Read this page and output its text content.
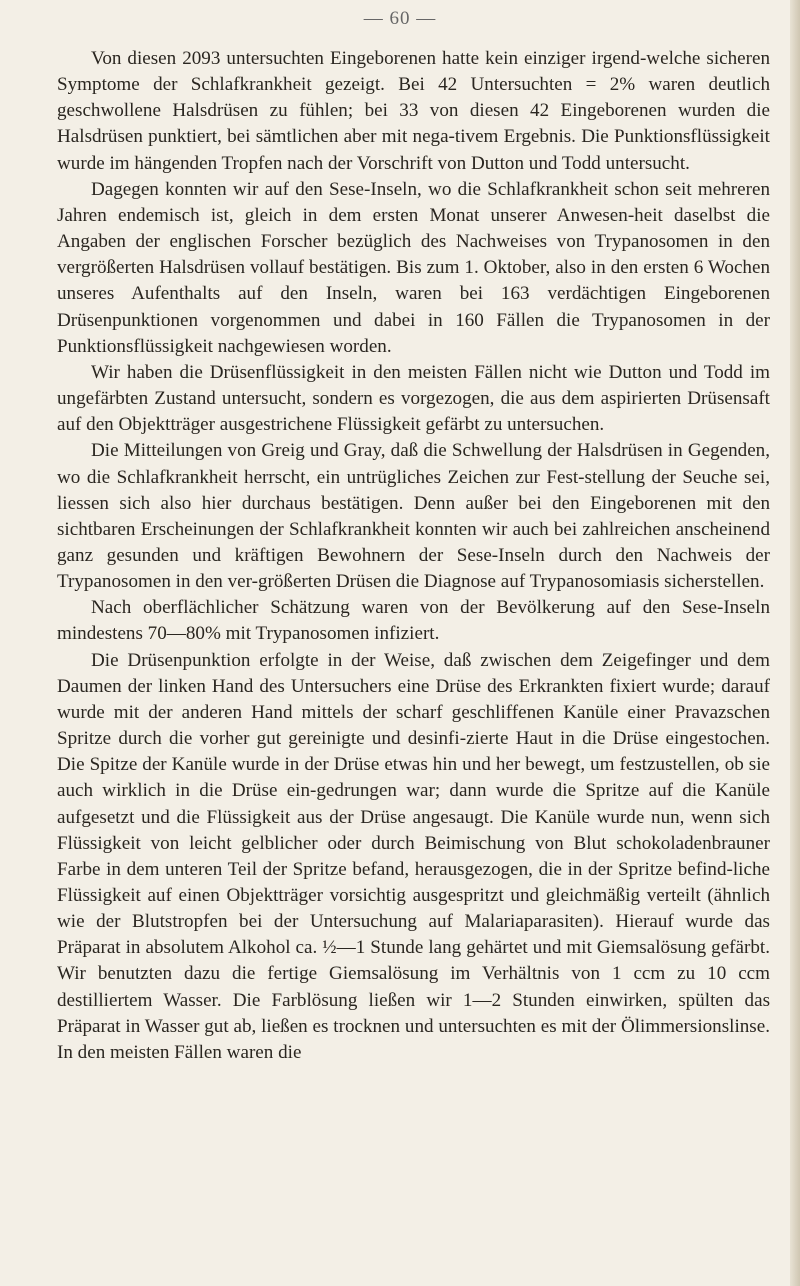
— 60 —

Von diesen 2093 untersuchten Eingeborenen hatte kein einziger irgend-welche sicheren Symptome der Schlafkrankheit gezeigt. Bei 42 Untersuchten = 2% waren deutlich geschwollene Halsdrüsen zu fühlen; bei 33 von diesen 42 Eingeborenen wurden die Halsdrüsen punktiert, bei sämtlichen aber mit nega-tivem Ergebnis. Die Punktionsflüssigkeit wurde im hängenden Tropfen nach der Vorschrift von Dutton und Todd untersucht.

Dagegen konnten wir auf den Sese-Inseln, wo die Schlafkrankheit schon seit mehreren Jahren endemisch ist, gleich in dem ersten Monat unserer Anwesen-heit daselbst die Angaben der englischen Forscher bezüglich des Nachweises von Trypanosomen in den vergrößerten Halsdrüsen vollauf bestätigen. Bis zum 1. Oktober, also in den ersten 6 Wochen unseres Aufenthalts auf den Inseln, waren bei 163 verdächtigen Eingeborenen Drüsenpunktionen vorgenommen und dabei in 160 Fällen die Trypanosomen in der Punktionsflüssigkeit nachgewiesen worden.

Wir haben die Drüsenflüssigkeit in den meisten Fällen nicht wie Dutton und Todd im ungefärbten Zustand untersucht, sondern es vorgezogen, die aus dem aspirierten Drüsensaft auf den Objektträger ausgestrichene Flüssigkeit gefärbt zu untersuchen.

Die Mitteilungen von Greig und Gray, daß die Schwellung der Halsdrüsen in Gegenden, wo die Schlafkrankheit herrscht, ein untrügliches Zeichen zur Fest-stellung der Seuche sei, liessen sich also hier durchaus bestätigen. Denn außer bei den Eingeborenen mit den sichtbaren Erscheinungen der Schlafkrankheit konnten wir auch bei zahlreichen anscheinend ganz gesunden und kräftigen Bewohnern der Sese-Inseln durch den Nachweis der Trypanosomen in den ver-größerten Drüsen die Diagnose auf Trypanosomiasis sicherstellen.

Nach oberflächlicher Schätzung waren von der Bevölkerung auf den Sese-Inseln mindestens 70—80% mit Trypanosomen infiziert.

Die Drüsenpunktion erfolgte in der Weise, daß zwischen dem Zeigefinger und dem Daumen der linken Hand des Untersuchers eine Drüse des Erkrankten fixiert wurde; darauf wurde mit der anderen Hand mittels der scharf geschliffenen Kanüle einer Pravazschen Spritze durch die vorher gut gereinigte und desinfi-zierte Haut in die Drüse eingestochen. Die Spitze der Kanüle wurde in der Drüse etwas hin und her bewegt, um festzustellen, ob sie auch wirklich in die Drüse ein-gedrungen war; dann wurde die Spritze auf die Kanüle aufgesetzt und die Flüssigkeit aus der Drüse angesaugt. Die Kanüle wurde nun, wenn sich Flüssigkeit von leicht gelblicher oder durch Beimischung von Blut schokoladenbrauner Farbe in dem unteren Teil der Spritze befand, herausgezogen, die in der Spritze befind-liche Flüssigkeit auf einen Objektträger vorsichtig ausgespritzt und gleichmäßig verteilt (ähnlich wie der Blutstropfen bei der Untersuchung auf Malariaparasiten). Hierauf wurde das Präparat in absolutem Alkohol ca. ½—1 Stunde lang gehärtet und mit Giemsalösung gefärbt. Wir benutzten dazu die fertige Giemsalösung im Verhältnis von 1 ccm zu 10 ccm destilliertem Wasser. Die Farblösung ließen wir 1—2 Stunden einwirken, spülten das Präparat in Wasser gut ab, ließen es trocknen und untersuchten es mit der Ölimmersionslinse. In den meisten Fällen waren die
